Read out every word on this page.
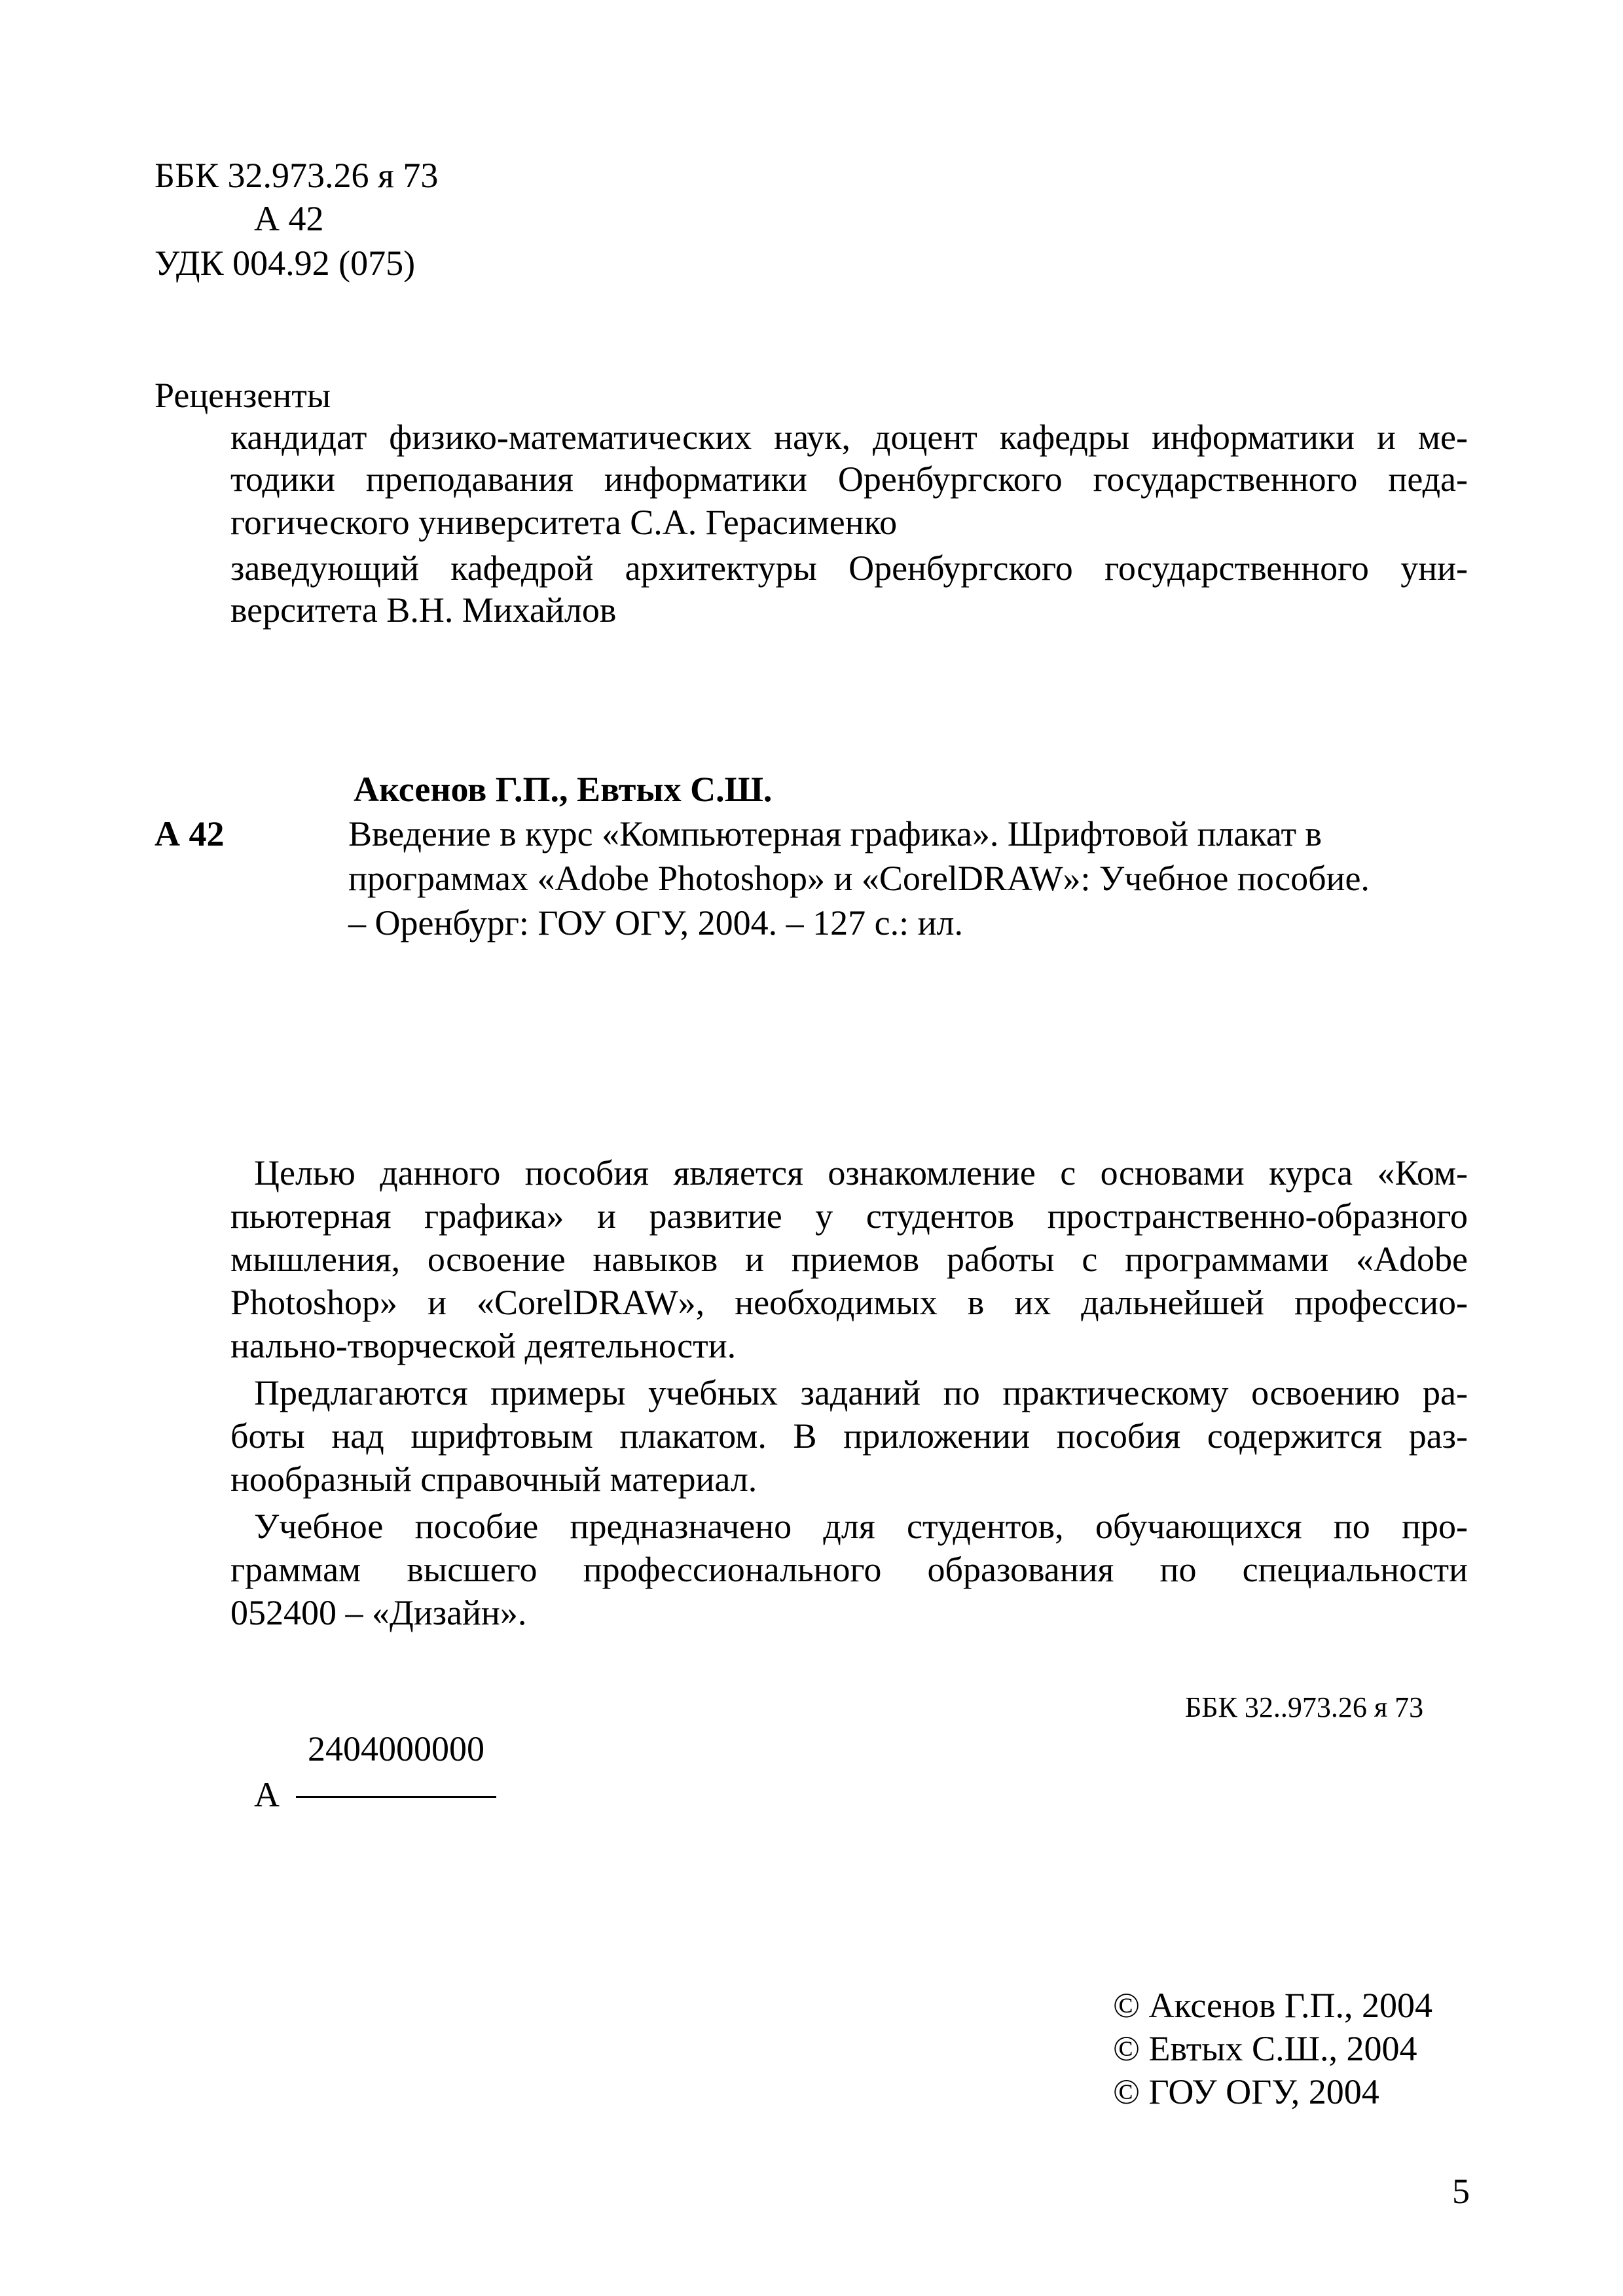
ББК 32.973.26 я 73
А 42
УДК 004.92 (075)
Рецензенты
кандидат физико-математических наук, доцент кафедры информатики и ме-
тодики преподавания информатики Оренбургского государственного педа-
гогического университета С.А. Герасименко
заведующий кафедрой архитектуры Оренбургского государственного уни-
верситета В.Н. Михайлов
Аксенов Г.П., Евтых С.Ш.
А 42	Введение в курс «Компьютерная графика». Шрифтовой плакат в
программах «Adobe Photoshop» и «CorelDRAW»: Учебное пособие.
– Оренбург: ГОУ ОГУ, 2004. – 127 с.: ил.
Целью данного пособия является ознакомление с основами курса «Ком-
пьютерная графика» и развитие у студентов пространственно-образного
мышления, освоение навыков и приемов работы с программами «Adobe
Photoshop» и «CorelDRAW», необходимых в их дальнейшей профессио-
нально-творческой деятельности.
Предлагаются примеры учебных заданий по практическому освоению ра-
боты над шрифтовым плакатом. В приложении пособия содержится раз-
нообразный справочный материал.
Учебное пособие предназначено для студентов, обучающихся по про-
граммам высшего профессионального образования по специальности
052400 – «Дизайн».
ББК 32..973.26 я 73
2404000000
А
© Аксенов Г.П., 2004
© Евтых С.Ш., 2004
© ГОУ ОГУ, 2004
5
